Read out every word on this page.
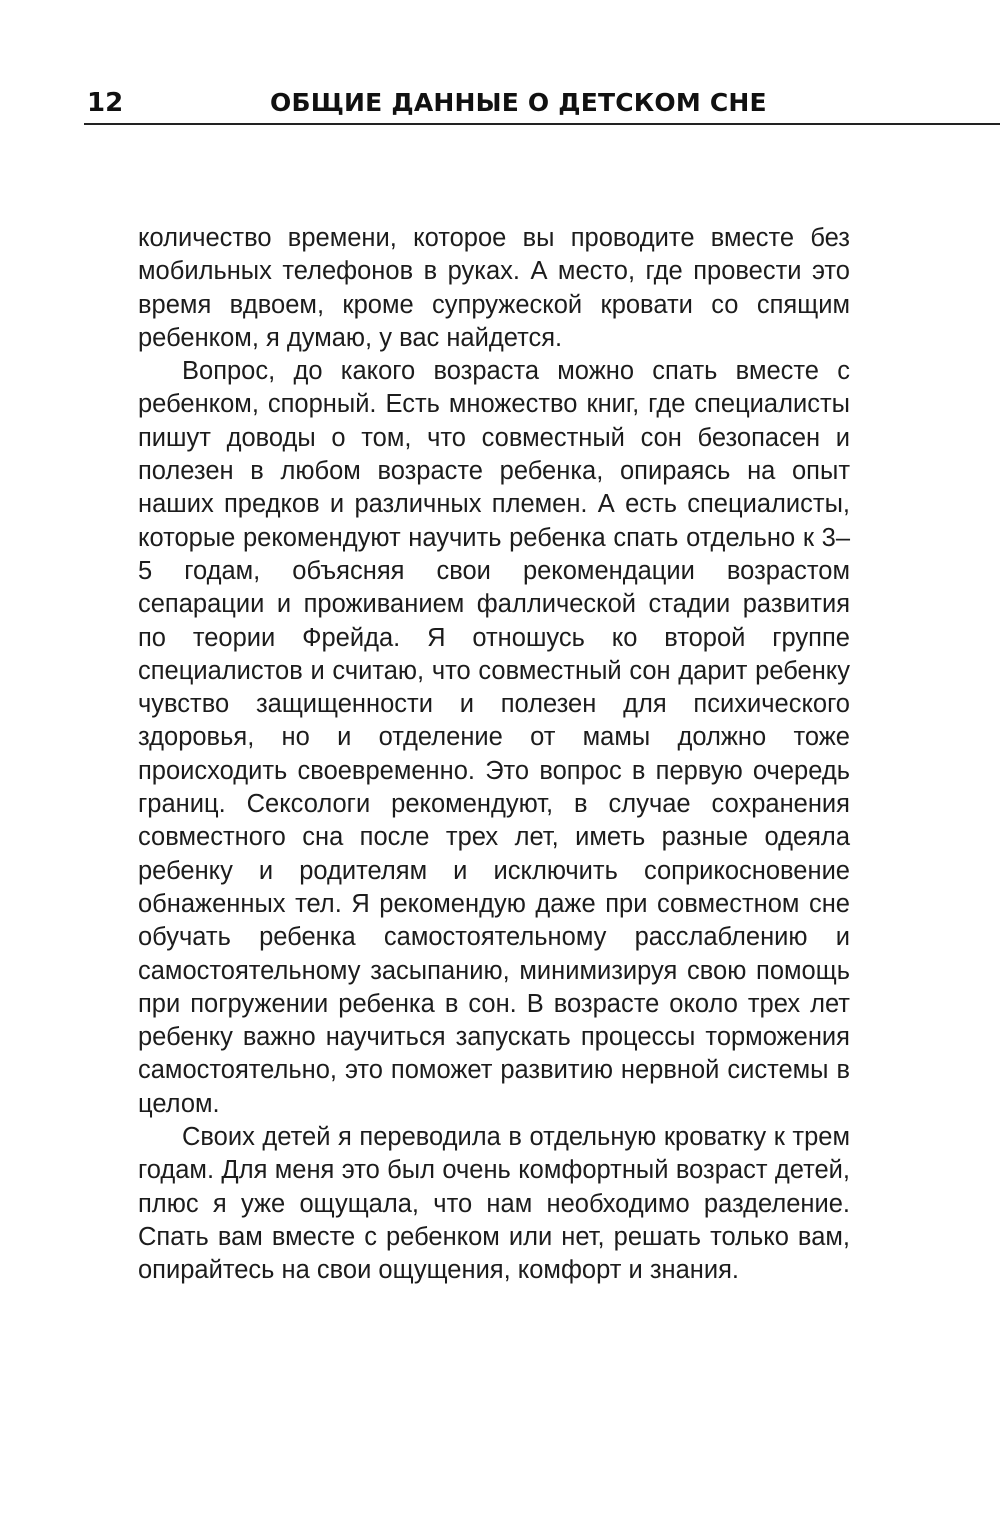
12	ОБЩИЕ ДАННЫЕ О ДЕТСКОМ СНЕ

количество времени, которое вы проводите вместе без мобильных телефонов в руках. А место, где провести это время вдвоем, кроме супружеской кровати со спящим ребенком, я думаю, у вас найдется.

Вопрос, до какого возраста можно спать вместе с ребенком, спорный. Есть множество книг, где специалисты пишут доводы о том, что совместный сон безопасен и полезен в любом возрасте ребенка, опираясь на опыт наших предков и различных племен. А есть специалисты, которые рекомендуют научить ребенка спать отдельно к 3–5 годам, объясняя свои рекомендации возрастом сепарации и проживанием фаллической стадии развития по теории Фрейда. Я отношусь ко второй группе специалистов и считаю, что совместный сон дарит ребенку чувство защищенности и полезен для психического здоровья, но и отделение от мамы должно тоже происходить своевременно. Это вопрос в первую очередь границ. Сексологи рекомендуют, в случае сохранения совместного сна после трех лет, иметь разные одеяла ребенку и родителям и исключить соприкосновение обнаженных тел. Я рекомендую даже при совместном сне обучать ребенка самостоятельному расслаблению и самостоятельному засыпанию, минимизируя свою помощь при погружении ребенка в сон. В возрасте около трех лет ребенку важно научиться запускать процессы торможения самостоятельно, это поможет развитию нервной системы в целом.

Своих детей я переводила в отдельную кроватку к трем годам. Для меня это был очень комфортный возраст детей, плюс я уже ощущала, что нам необходимо разделение. Спать вам вместе с ребенком или нет, решать только вам, опирайтесь на свои ощущения, комфорт и знания.
